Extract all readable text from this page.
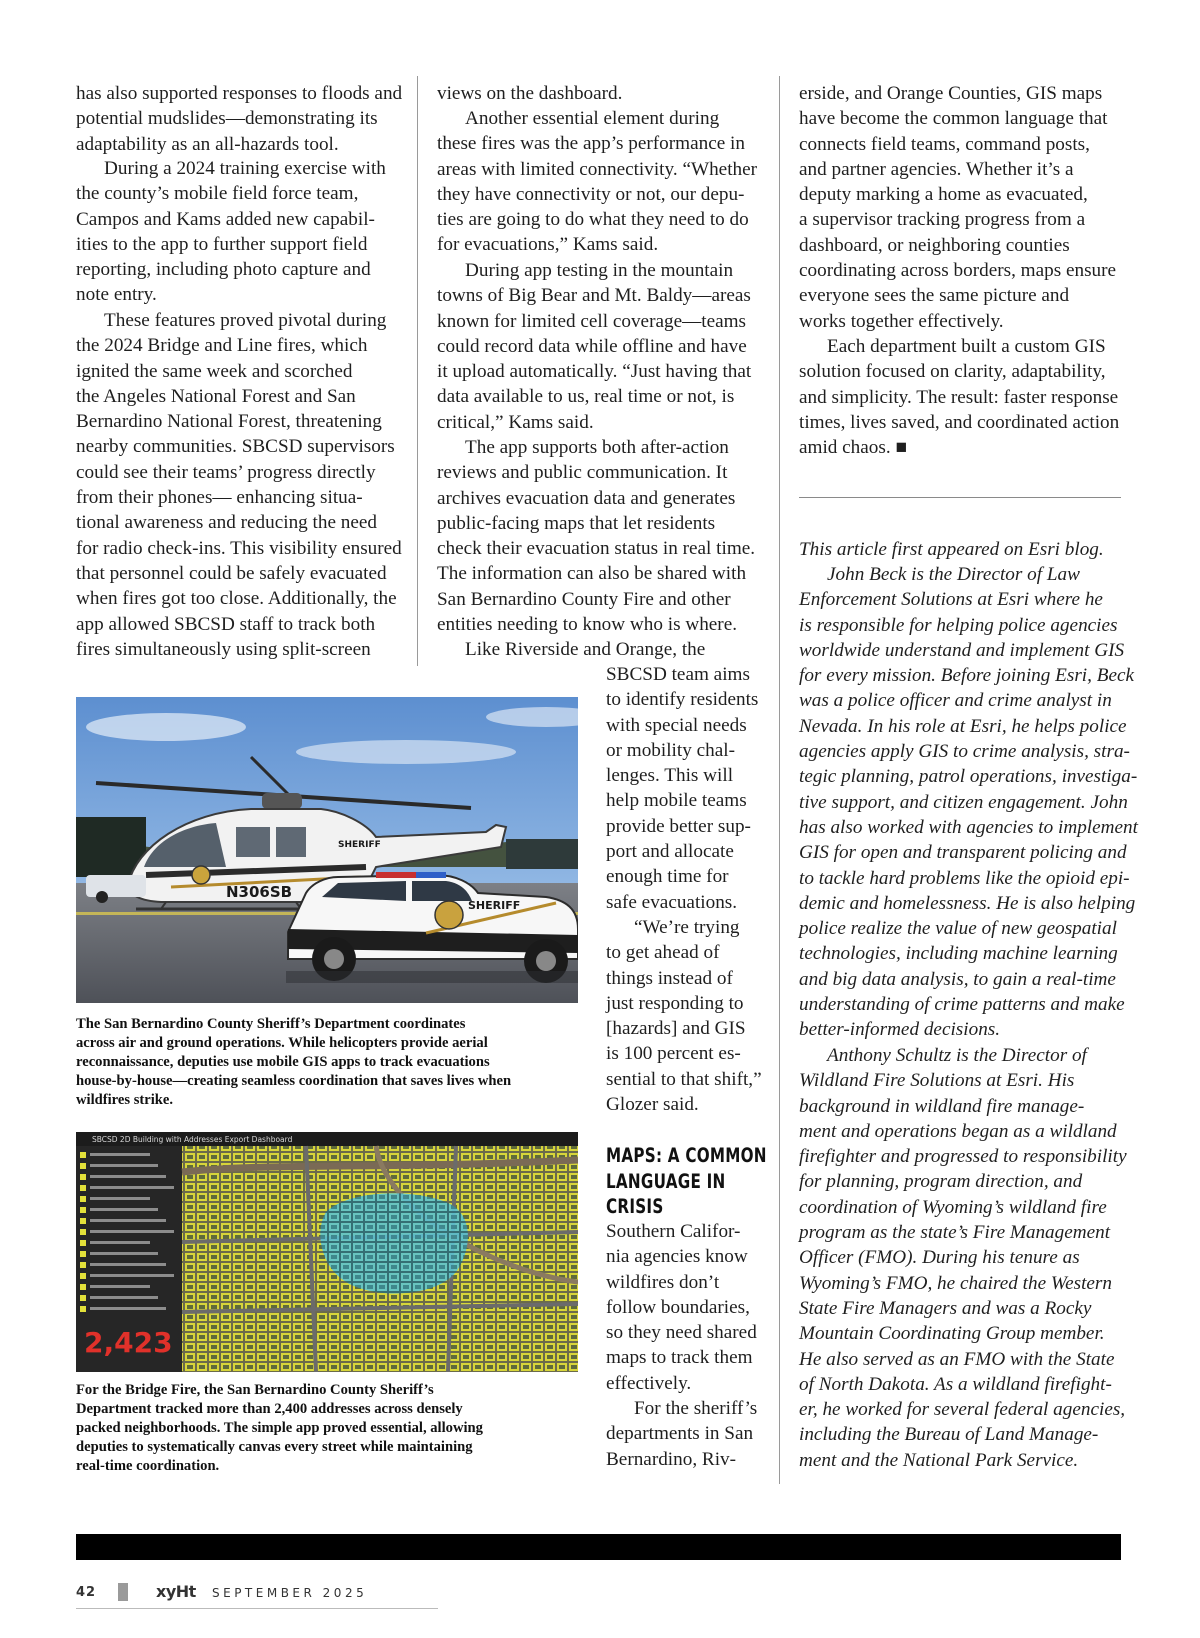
has also supported responses to floods and
potential mudslides—demonstrating its
adaptability as an all-hazards tool.
During a 2024 training exercise with
the county’s mobile field force team,
Campos and Kams added new capabil-
ities to the app to further support field
reporting, including photo capture and
note entry.
These features proved pivotal during
the 2024 Bridge and Line fires, which
ignited the same week and scorched
the Angeles National Forest and San
Bernardino National Forest, threatening
nearby communities. SBCSD supervisors
could see their teams’ progress directly
from their phones— enhancing situa-
tional awareness and reducing the need
for radio check-ins. This visibility ensured
that personnel could be safely evacuated
when fires got too close. Additionally, the
app allowed SBCSD staff to track both
fires simultaneously using split-screen
views on the dashboard.
Another essential element during
these fires was the app’s performance in
areas with limited connectivity. “Whether
they have connectivity or not, our depu-
ties are going to do what they need to do
for evacuations,” Kams said.
During app testing in the mountain
towns of Big Bear and Mt. Baldy—areas
known for limited cell coverage—teams
could record data while offline and have
it upload automatically. “Just having that
data available to us, real time or not, is
critical,” Kams said.
The app supports both after-action
reviews and public communication. It
archives evacuation data and generates
public-facing maps that let residents
check their evacuation status in real time.
The information can also be shared with
San Bernardino County Fire and other
entities needing to know who is where.
Like Riverside and Orange, the
SBCSD team aims
to identify residents
with special needs
or mobility chal-
lenges. This will
help mobile teams
provide better sup-
port and allocate
enough time for
safe evacuations.
“We’re trying
to get ahead of
things instead of
just responding to
[hazards] and GIS
is 100 percent es-
sential to that shift,”
Glozer said.
MAPS: A COMMON
LANGUAGE IN
CRISIS
Southern Califor-
nia agencies know
wildfires don’t
follow boundaries,
so they need shared
maps to track them
effectively.
For the sheriff’s
departments in San
Bernardino, Riv-
erside, and Orange Counties, GIS maps
have become the common language that
connects field teams, command posts,
and partner agencies. Whether it’s a
deputy marking a home as evacuated,
a supervisor tracking progress from a
dashboard, or neighboring counties
coordinating across borders, maps ensure
everyone sees the same picture and
works together effectively.
Each department built a custom GIS
solution focused on clarity, adaptability,
and simplicity. The result: faster response
times, lives saved, and coordinated action
amid chaos. ■
This article first appeared on Esri blog.
John Beck is the Director of Law
Enforcement Solutions at Esri where he
is responsible for helping police agencies
worldwide understand and implement GIS
for every mission. Before joining Esri, Beck
was a police officer and crime analyst in
Nevada. In his role at Esri, he helps police
agencies apply GIS to crime analysis, stra-
tegic planning, patrol operations, investiga-
tive support, and citizen engagement. John
has also worked with agencies to implement
GIS for open and transparent policing and
to tackle hard problems like the opioid epi-
demic and homelessness. He is also helping
police realize the value of new geospatial
technologies, including machine learning
and big data analysis, to gain a real-time
understanding of crime patterns and make
better-informed decisions.
Anthony Schultz is the Director of
Wildland Fire Solutions at Esri. His
background in wildland fire manage-
ment and operations began as a wildland
firefighter and progressed to responsibility
for planning, program direction, and
coordination of Wyoming’s wildland fire
program as the state’s Fire Management
Officer (FMO). During his tenure as
Wyoming’s FMO, he chaired the Western
State Fire Managers and was a Rocky
Mountain Coordinating Group member.
He also served as an FMO with the State
of North Dakota. As a wildland firefight-
er, he worked for several federal agencies,
including the Bureau of Land Manage-
ment and the National Park Service.
N306SB
SHERIFF
SHERIFF
The San Bernardino County Sheriff’s Department coordinates
across air and ground operations. While helicopters provide aerial
reconnaissance, deputies use mobile GIS apps to track evacuations
house-by-house—creating seamless coordination that saves lives when
wildfires strike.
SBCSD 2D Building with Addresses Export Dashboard
2,423
For the Bridge Fire, the San Bernardino County Sheriff’s
Department tracked more than 2,400 addresses across densely
packed neighborhoods. The simple app proved essential, allowing
deputies to systematically canvas every street while maintaining
real-time coordination.
42	xyHt SEPTEMBER 2025
